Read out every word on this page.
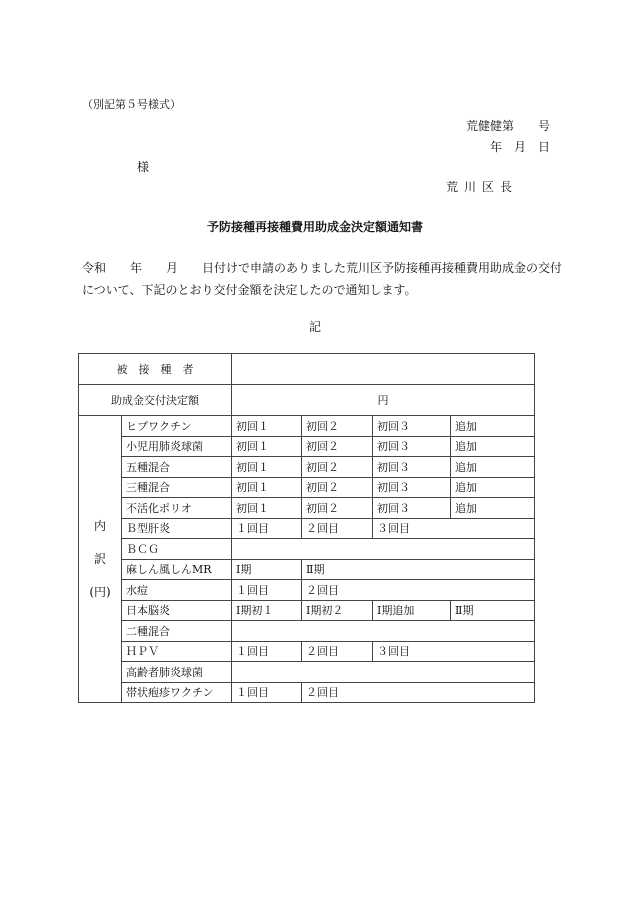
（別記第５号様式）
荒健健第　　号
年　月　日
様
荒川区長
予防接種再接種費用助成金決定額通知書
令和　　年　　月　　日付けで申請のありました荒川区予防接種再接種費用助成金の交付
について、下記のとおり交付金額を決定したので通知します。
記
被　接　種　者					
助成金交付決定額		円			

内
訳
(円)	ヒブワクチン	初回１	初回２	初回３	追加
	小児用肺炎球菌	初回１	初回２	初回３	追加
	五種混合	初回１	初回２	初回３	追加
	三種混合	初回１	初回２	初回３	追加
	不活化ポリオ	初回１	初回２	初回３	追加
	Ｂ型肝炎	１回目	２回目	３回目	
	ＢＣＧ				
	麻しん風しんMR	Ⅰ期	Ⅱ期		
	水痘	１回目	２回目		
	日本脳炎	Ⅰ期初１	Ⅰ期初２	Ⅰ期追加	Ⅱ期
	二種混合				
	ＨＰＶ	１回目	２回目	３回目	
	高齢者肺炎球菌				
	帯状疱疹ワクチン	１回目	２回目		
